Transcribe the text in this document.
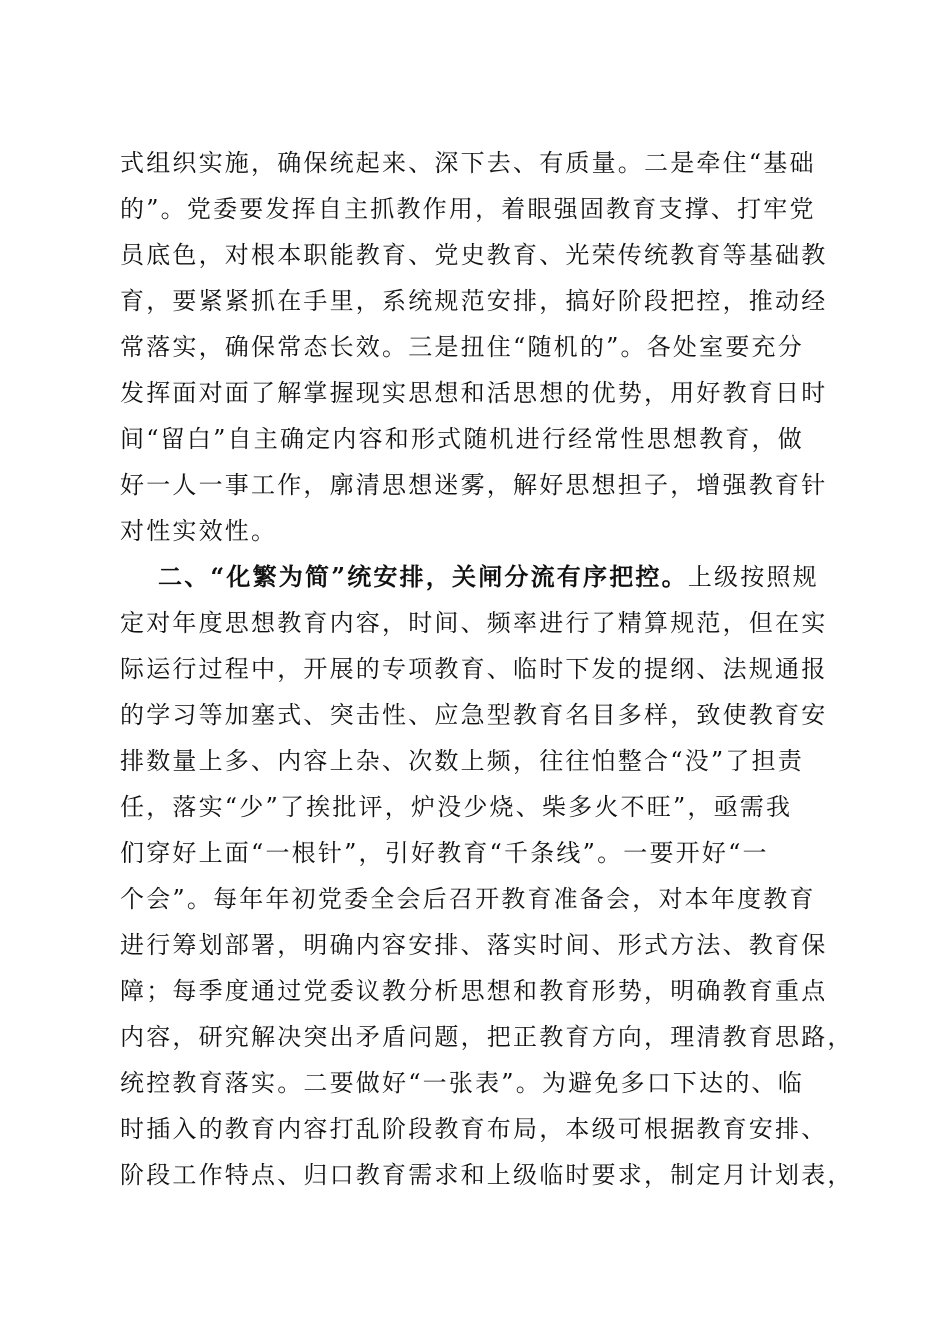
式组织实施，确保统起来、深下去、有质量。二是牵住“基础
的”。党委要发挥自主抓教作用，着眼强固教育支撑、打牢党
员底色，对根本职能教育、党史教育、光荣传统教育等基础教
育，要紧紧抓在手里，系统规范安排，搞好阶段把控，推动经
常落实，确保常态长效。三是扭住“随机的”。各处室要充分
发挥面对面了解掌握现实思想和活思想的优势，用好教育日时
间“留白”自主确定内容和形式随机进行经常性思想教育，做
好一人一事工作，廓清思想迷雾，解好思想担子，增强教育针
对性实效性。
二、“化繁为简”统安排，关闸分流有序把控。上级按照规
定对年度思想教育内容，时间、频率进行了精算规范，但在实
际运行过程中，开展的专项教育、临时下发的提纲、法规通报
的学习等加塞式、突击性、应急型教育名目多样，致使教育安
排数量上多、内容上杂、次数上频，往往怕整合“没”了担责
任，落实“少”了挨批评，炉没少烧、柴多火不旺”，亟需我
们穿好上面“一根针”，引好教育“千条线”。一要开好“一
个会”。每年年初党委全会后召开教育准备会，对本年度教育
进行筹划部署，明确内容安排、落实时间、形式方法、教育保
障；每季度通过党委议教分析思想和教育形势，明确教育重点
内容，研究解决突出矛盾问题，把正教育方向，理清教育思路，
统控教育落实。二要做好“一张表”。为避免多口下达的、临
时插入的教育内容打乱阶段教育布局，本级可根据教育安排、
阶段工作特点、归口教育需求和上级临时要求，制定月计划表，
